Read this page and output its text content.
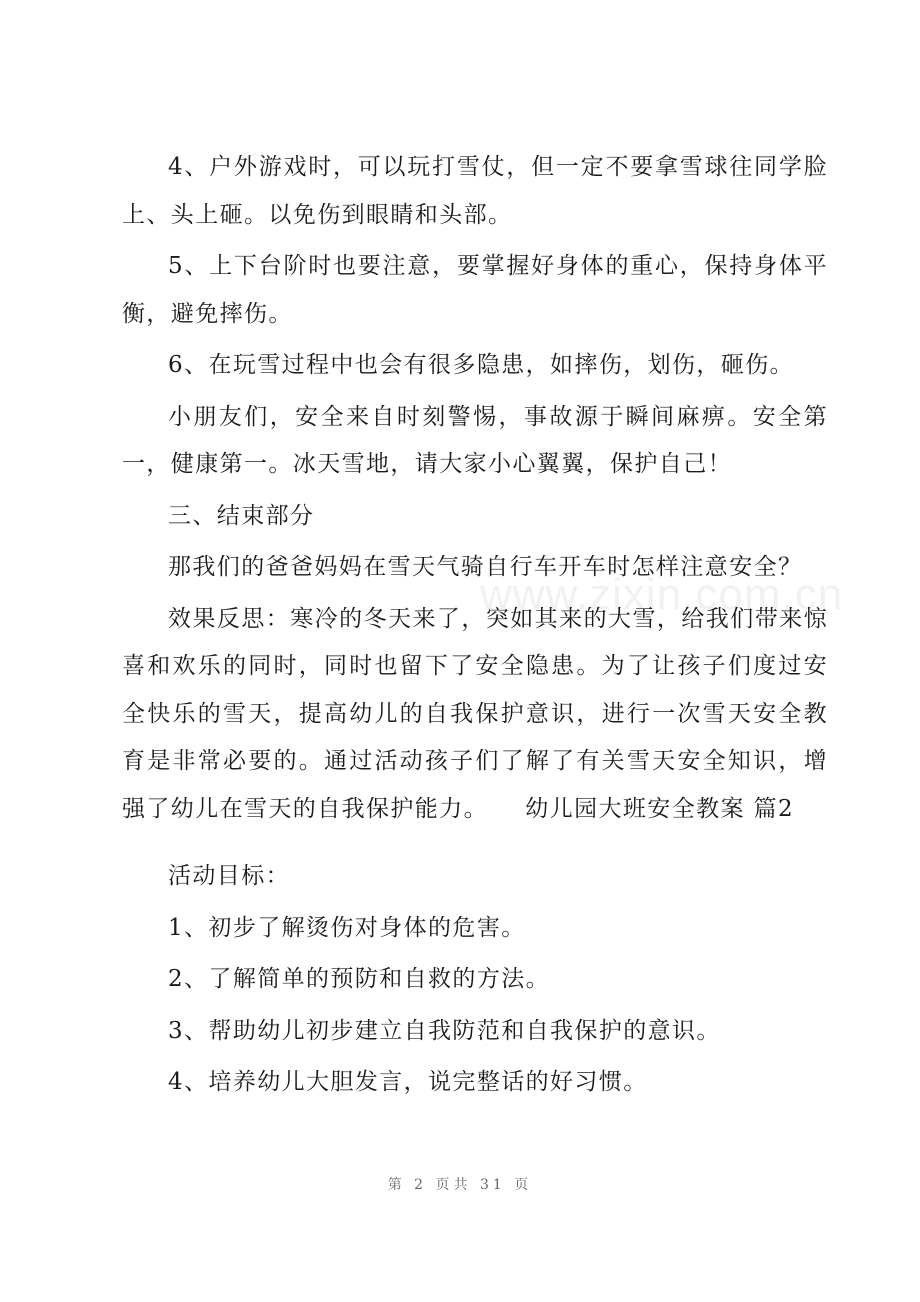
www.zixin.com.cn

4、户外游戏时，可以玩打雪仗，但一定不要拿雪球往同学脸上、头上砸。以免伤到眼睛和头部。

5、上下台阶时也要注意，要掌握好身体的重心，保持身体平衡，避免摔伤。

6、在玩雪过程中也会有很多隐患，如摔伤，划伤，砸伤。

小朋友们，安全来自时刻警惕，事故源于瞬间麻痹。安全第一，健康第一。冰天雪地，请大家小心翼翼，保护自己！

三、结束部分

那我们的爸爸妈妈在雪天气骑自行车开车时怎样注意安全？

效果反思：寒冷的冬天来了，突如其来的大雪，给我们带来惊喜和欢乐的同时，同时也留下了安全隐患。为了让孩子们度过安全快乐的雪天，提高幼儿的自我保护意识，进行一次雪天安全教育是非常必要的。通过活动孩子们了解了有关雪天安全知识，增强了幼儿在雪天的自我保护能力。　　幼儿园大班安全教案 篇2

活动目标：

1、初步了解烫伤对身体的危害。

2、了解简单的预防和自救的方法。

3、帮助幼儿初步建立自我防范和自我保护的意识。

4、培养幼儿大胆发言，说完整话的好习惯。

第 2 页共 31 页
